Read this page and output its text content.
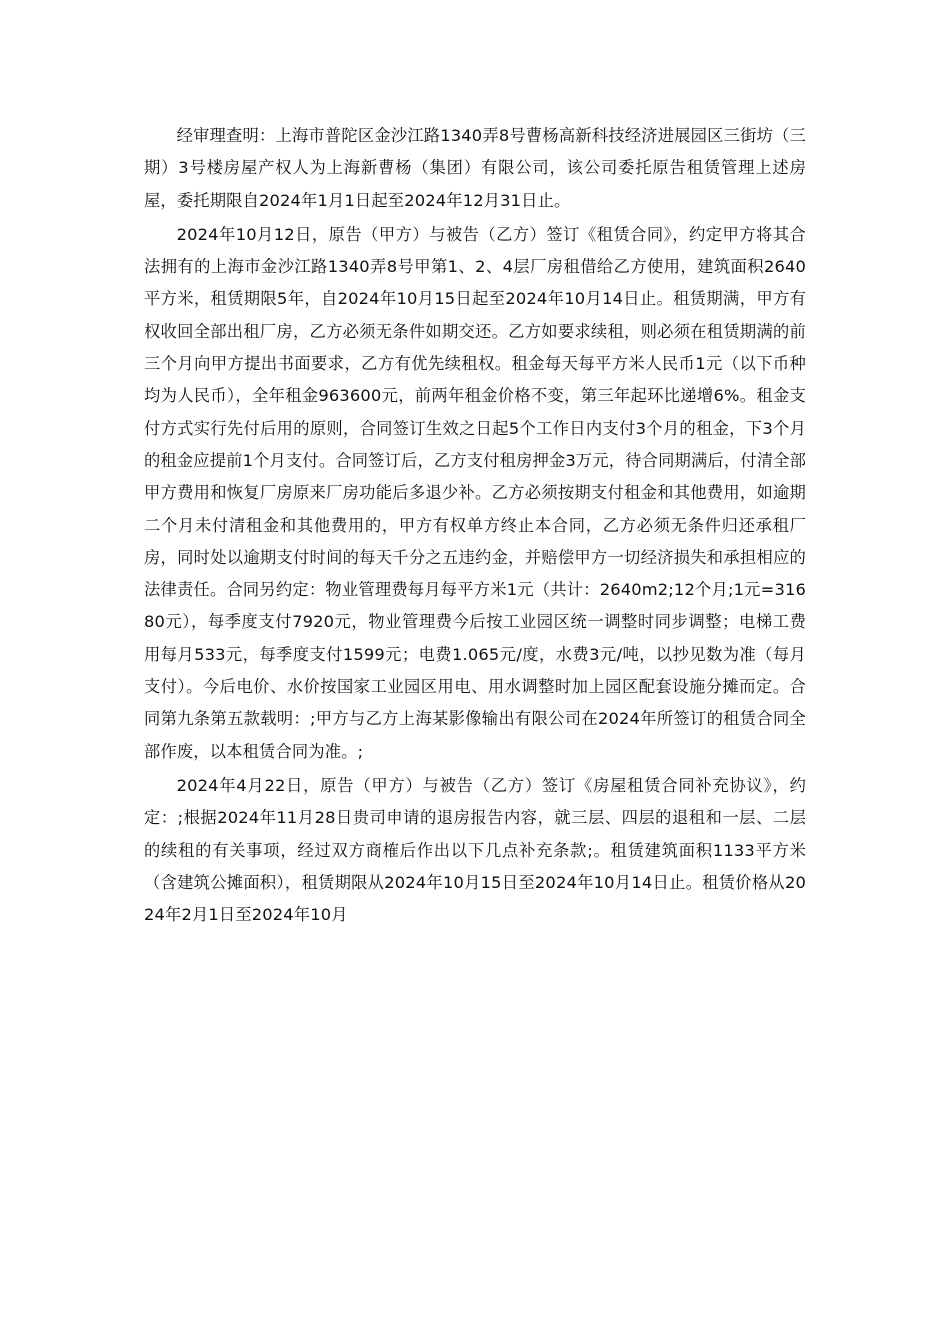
经审理查明：上海市普陀区金沙江路1340弄8号曹杨高新科技经济进展园区三街坊（三期）3号楼房屋产权人为上海新曹杨（集团）有限公司，该公司委托原告租赁管理上述房屋，委托期限自2024年1月1日起至2024年12月31日止。

2024年10月12日，原告（甲方）与被告（乙方）签订《租赁合同》，约定甲方将其合法拥有的上海市金沙江路1340弄8号甲第1、2、4层厂房租借给乙方使用，建筑面积2640平方米，租赁期限5年，自2024年10月15日起至2024年10月14日止。租赁期满，甲方有权收回全部出租厂房，乙方必须无条件如期交还。乙方如要求续租，则必须在租赁期满的前三个月向甲方提出书面要求，乙方有优先续租权。租金每天每平方米人民币1元（以下币种均为人民币），全年租金963600元，前两年租金价格不变，第三年起环比递增6%。租金支付方式实行先付后用的原则，合同签订生效之日起5个工作日内支付3个月的租金，下3个月的租金应提前1个月支付。合同签订后，乙方支付租房押金3万元，待合同期满后，付清全部甲方费用和恢复厂房原来厂房功能后多退少补。乙方必须按期支付租金和其他费用，如逾期二个月未付清租金和其他费用的，甲方有权单方终止本合同，乙方必须无条件归还承租厂房，同时处以逾期支付时间的每天千分之五违约金，并赔偿甲方一切经济损失和承担相应的法律责任。合同另约定：物业管理费每月每平方米1元（共计：2640m2;12个月;1元=31680元），每季度支付7920元，物业管理费今后按工业园区统一调整时同步调整；电梯工费用每月533元，每季度支付1599元；电费1.065元/度，水费3元/吨，以抄见数为准（每月支付）。今后电价、水价按国家工业园区用电、用水调整时加上园区配套设施分摊而定。合同第九条第五款载明：;甲方与乙方上海某影像输出有限公司在2024年所签订的租赁合同全部作废，以本租赁合同为准。;

2024年4月22日，原告（甲方）与被告（乙方）签订《房屋租赁合同补充协议》，约定：;根据2024年11月28日贵司申请的退房报告内容，就三层、四层的退租和一层、二层的续租的有关事项，经过双方商榷后作出以下几点补充条款;。租赁建筑面积1133平方米（含建筑公摊面积），租赁期限从2024年10月15日至2024年10月14日止。租赁价格从2024年2月1日至2024年10月
